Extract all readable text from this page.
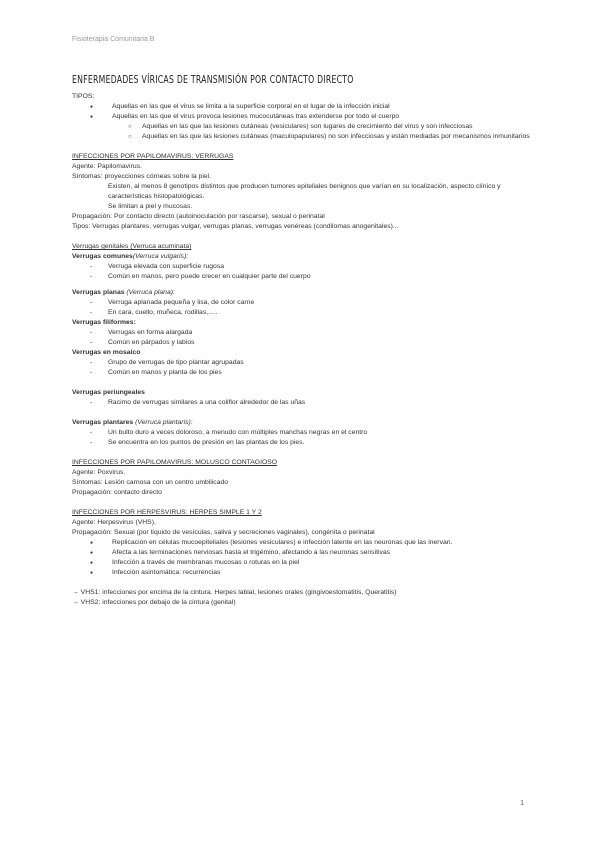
Fisioterapia Comunitaria B
ENFERMEDADES VÍRICAS DE TRANSMISIÓN POR CONTACTO DIRECTO
TIPOS:
● Aquellas en las que el virus se limita a la superficie corporal en el lugar de la infección inicial
● Aquellas en las que el virus provoca lesiones mucocutáneas tras extenderse por todo el cuerpo
○ Aquellas en las que las lesiones cutáneas (vesiculares) son lugares de crecimiento del virus y son infecciosas
○ Aquellas en las que las lesiones cutáneas (maculopapulares) no son infecciosas y están mediadas por mecanismos inmunitarios
INFECCIONES POR PAPILOMAVIRUS: VERRUGAS
Agente: Papilomavirus.
Síntomas: proyecciones córneas sobre la piel.
Existen, al menos 8 genotipos distintos que producen tumores epiteliales benignos que varían en su localización, aspecto clínico y características histopatológicas.
Se limitan a piel y mucosas.
Propagación: Por contacto directo (autoinoculación por rascarse), sexual o perinatal
Tipos: Verrugas plantares, verrugas vulgar, verrugas planas, verrugas venéreas (condilomas anogenitales)...
Verrugas genitales (Verruca acuminata)
Verrugas comunes(Verruca vulgaris):
- Verruga elevada con superficie rugosa
- Común en manos, pero puede crecer en cualquier parte del cuerpo
Verrugas planas (Verruca plana):
- Verruga aplanada pequeña y lisa, de color carne
- En cara, cuello, muñeca, rodillas,.....
Verrugas filiformes:
- Verrugas en forma alargada
- Común en párpados y labios
Verrugas en mosaico
- Grupo de verrugas de tipo plantar agrupadas
- Común en manos y planta de los pies
Verrugas periungeales
- Racimo de verrugas similares a una coliflor alrededor de las uñas
Verrugas plantares (Verruca plantaris):
- Un bulto duro a veces doloroso, a menudo con múltiples manchas negras en el centro
- Se encuentra en los puntos de presión en las plantas de los pies.
INFECCIONES POR PAPILOMAVIRUS: MOLUSCO CONTAGIOSO
Agente: Poxvirus.
Síntomas: Lesión carnosa con un centro umbilicado
Propagación: contacto directo
INFECCIONES POR HERPESVIRUS: HERPES SIMPLE 1 Y 2
Agente: Herpesvirus (VHS).
Propagación: Sexual (por líquido de vesículas, saliva y secreciones vaginales), congénita o perinatal
● Replicación en células mucoepiteliales (lesiones vesiculares) e infección latente en las neuronas que las inervan.
● Afecta a las terminaciones nerviosas hasta el trigémino, afectando a las neuronas sensitivas
● Infección a través de membranas mucosas o roturas en la piel
● Infección asintomática: recurrencias
→ VHS1: infecciones por encima de la cintura. Herpes labial, lesiones orales (gingivoestomatitis, Queratitis)
→ VHS2: infecciones por debajo de la cintura (genital)
1
